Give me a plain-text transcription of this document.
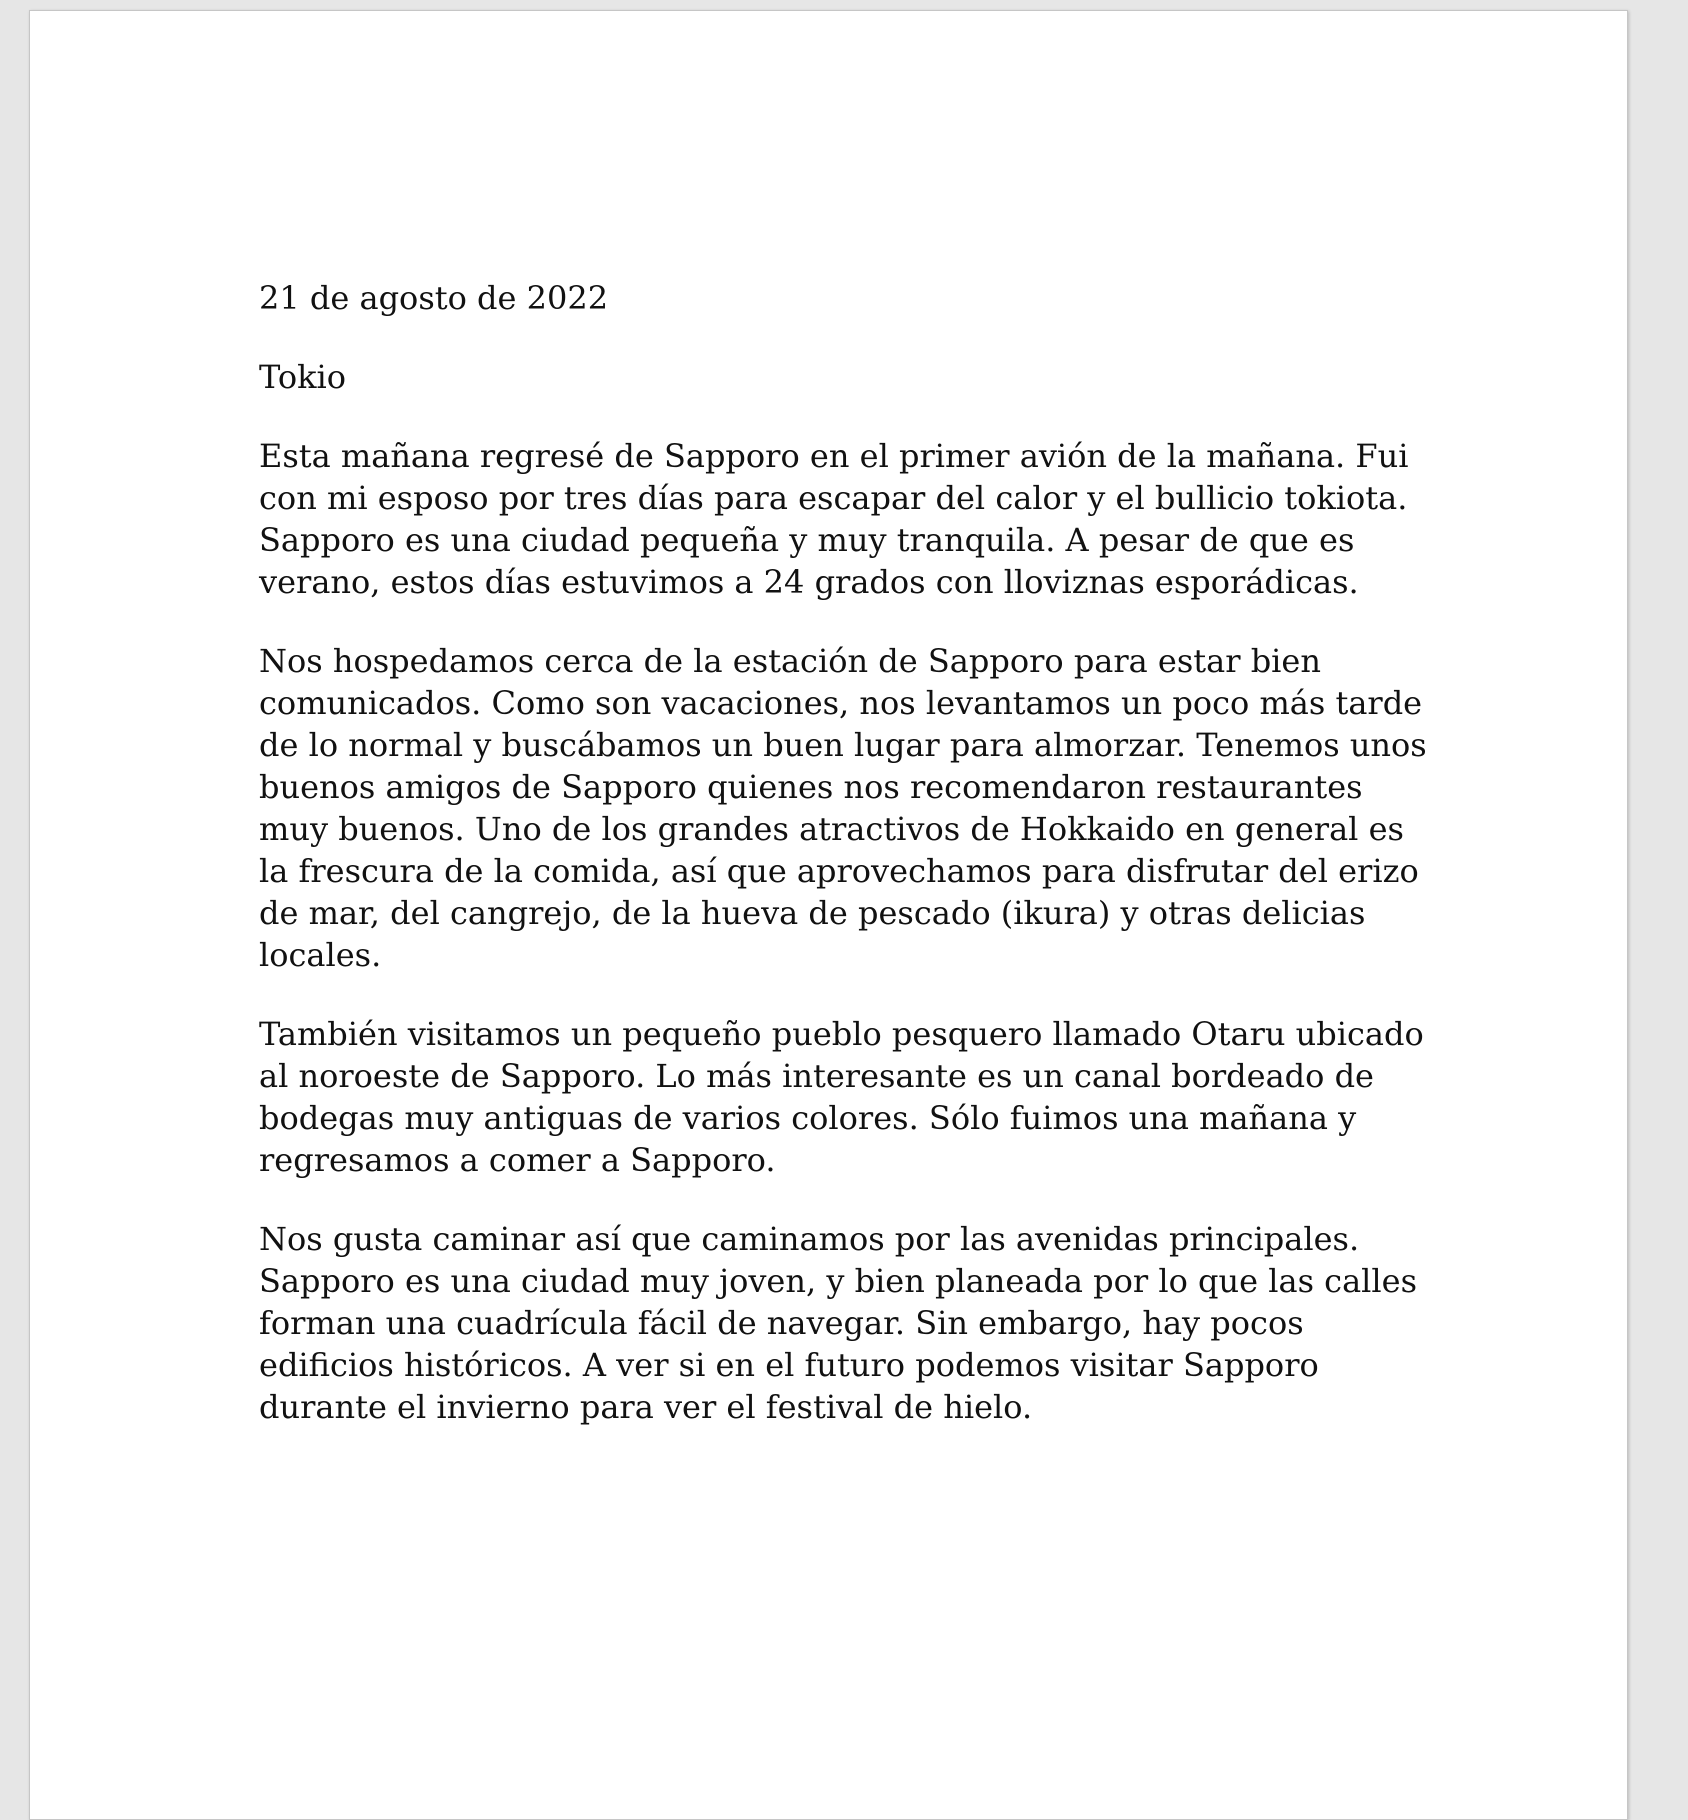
21 de agosto de 2022

Tokio

Esta mañana regresé de Sapporo en el primer avión de la mañana. Fui con mi esposo por tres días para escapar del calor y el bullicio tokiota. Sapporo es una ciudad pequeña y muy tranquila. A pesar de que es verano, estos días estuvimos a 24 grados con lloviznas esporádicas.

Nos hospedamos cerca de la estación de Sapporo para estar bien comunicados. Como son vacaciones, nos levantamos un poco más tarde de lo normal y buscábamos un buen lugar para almorzar. Tenemos unos buenos amigos de Sapporo quienes nos recomendaron restaurantes muy buenos. Uno de los grandes atractivos de Hokkaido en general es la frescura de la comida, así que aprovechamos para disfrutar del erizo de mar, del cangrejo, de la hueva de pescado (ikura) y otras delicias locales.

También visitamos un pequeño pueblo pesquero llamado Otaru ubicado al noroeste de Sapporo. Lo más interesante es un canal bordeado de bodegas muy antiguas de varios colores. Sólo fuimos una mañana y regresamos a comer a Sapporo.

Nos gusta caminar así que caminamos por las avenidas principales. Sapporo es una ciudad muy joven, y bien planeada por lo que las calles forman una cuadrícula fácil de navegar. Sin embargo, hay pocos edificios históricos. A ver si en el futuro podemos visitar Sapporo durante el invierno para ver el festival de hielo.
